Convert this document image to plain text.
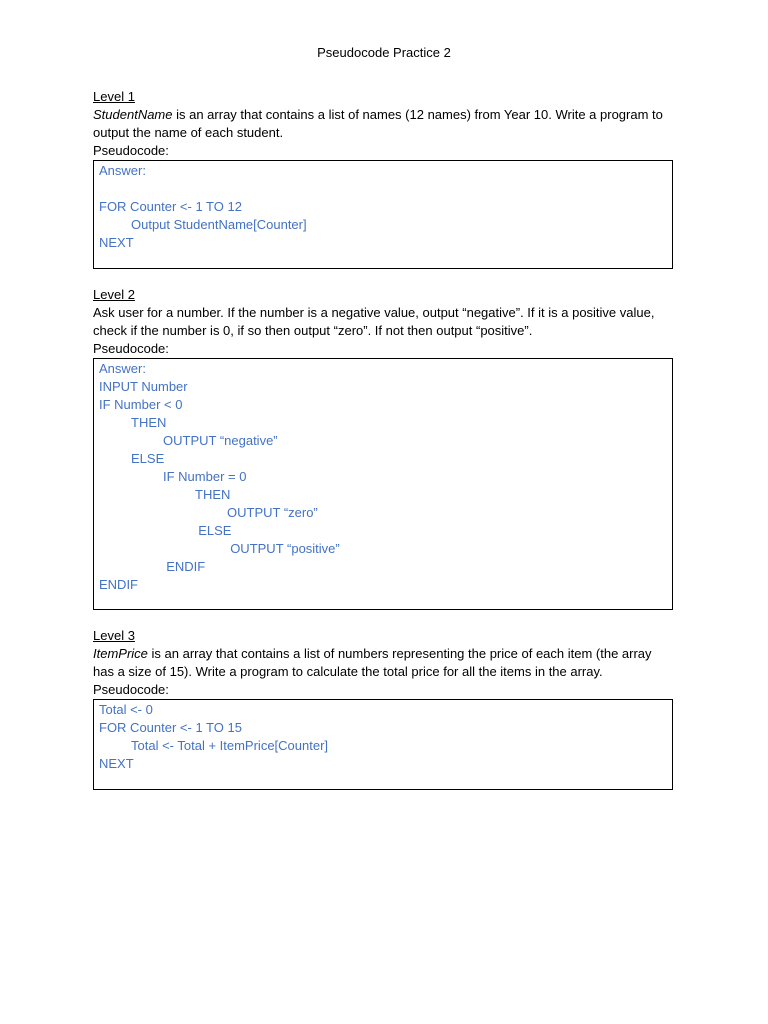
Pseudocode Practice 2
Level 1

StudentName is an array that contains a list of names (12 names) from Year 10. Write a program to output the name of each student.

Pseudocode:
Answer:
FOR Counter <- 1 TO 12
Output StudentName[Counter]
NEXT
Level 2

Ask user for a number. If the number is a negative value, output “negative”. If it is a positive value, check if the number is 0, if so then output “zero”. If not then output “positive”.

Pseudocode:
Answer:
INPUT Number
IF Number < 0
THEN
OUTPUT “negative”
ELSE
IF Number = 0
THEN
OUTPUT “zero”
ELSE
OUTPUT “positive”
ENDIF
ENDIF
Level 3

ItemPrice is an array that contains a list of numbers representing the price of each item (the array has a size of 15). Write a program to calculate the total price for all the items in the array.

Pseudocode:
Total <- 0
FOR Counter <- 1 TO 15
Total <- Total + ItemPrice[Counter]
NEXT
